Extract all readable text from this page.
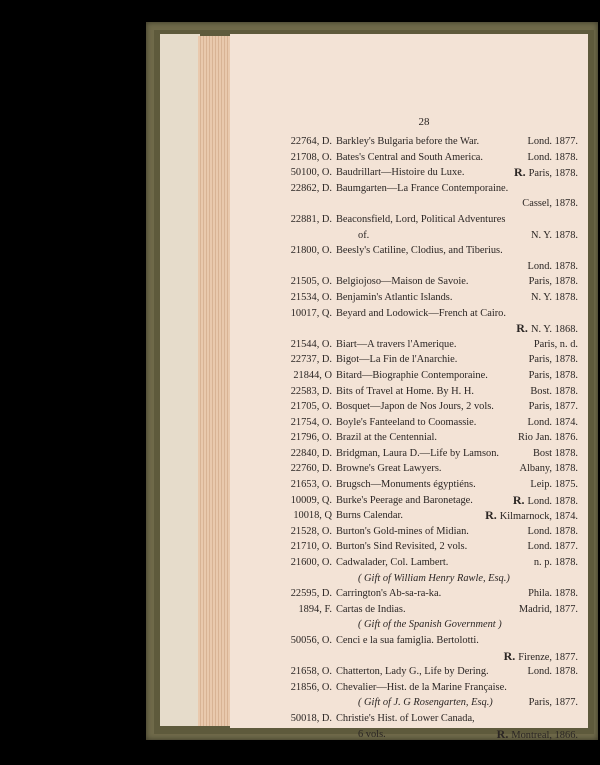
28
22764, D. Barkley's Bulgaria before the War.	Lond. 1877.
21708, O. Bates's Central and South America.	Lond. 1878.
50100, O. Baudrillart—Histoire du Luxe.	R. Paris, 1878.
22862, D. Baumgarten—La France Contemporaine.
Cassel, 1878.
22881, D. Beaconsfield, Lord, Political Adventures
of.	N. Y. 1878.
21800, O. Beesly's Catiline, Clodius, and Tiberius.
Lond. 1878.
21505, O. Belgiojoso—Maison de Savoie.	Paris, 1878.
21534, O. Benjamin's Atlantic Islands.	N. Y. 1878.
10017, Q. Beyard and Lodowick—French at Cairo.
R. N. Y. 1868.
21544, O. Biart—A travers l'Amerique.	Paris, n. d.
22737, D. Bigot—La Fin de l'Anarchie.	Paris, 1878.
21844, O Bitard—Biographie Contemporaine.	Paris, 1878.
22583, D. Bits of Travel at Home. By H. H.	Bost. 1878.
21705, O. Bosquet—Japon de Nos Jours, 2 vols.	Paris, 1877.
21754, O. Boyle's Fanteeland to Coomassie.	Lond. 1874.
21796, O. Brazil at the Centennial.	Rio Jan. 1876.
22840, D. Bridgman, Laura D.—Life by Lamson.	Bost 1878.
22760, D. Browne's Great Lawyers.	Albany, 1878.
21653, O. Brugsch—Monuments égyptiéns.	Leip. 1875.
10009, Q. Burke's Peerage and Baronetage.	R. Lond. 1878.
10018, Q Burns Calendar.	R. Kilmarnock, 1874.
21528, O. Burton's Gold-mines of Midian.	Lond. 1878.
21710, O. Burton's Sind Revisited, 2 vols.	Lond. 1877.
21600, O. Cadwalader, Col. Lambert.	n. p. 1878.
( Gift of William Henry Rawle, Esq.)
22595, D. Carrington's Ab-sa-ra-ka.	Phila. 1878.
1894, F. Cartas de Indias.	Madrid, 1877.
( Gift of the Spanish Government )
50056, O. Cenci e la sua famiglia. Bertolotti.
R. Firenze, 1877.
21658, O. Chatterton, Lady G., Life by Dering.	Lond. 1878.
21856, O. Chevalier—Hist. de la Marine Française.
( Gift of J. G Rosengarten, Esq.)	Paris, 1877.
50018, D. Christie's Hist. of Lower Canada,
6 vols.	R. Montreal, 1866.
